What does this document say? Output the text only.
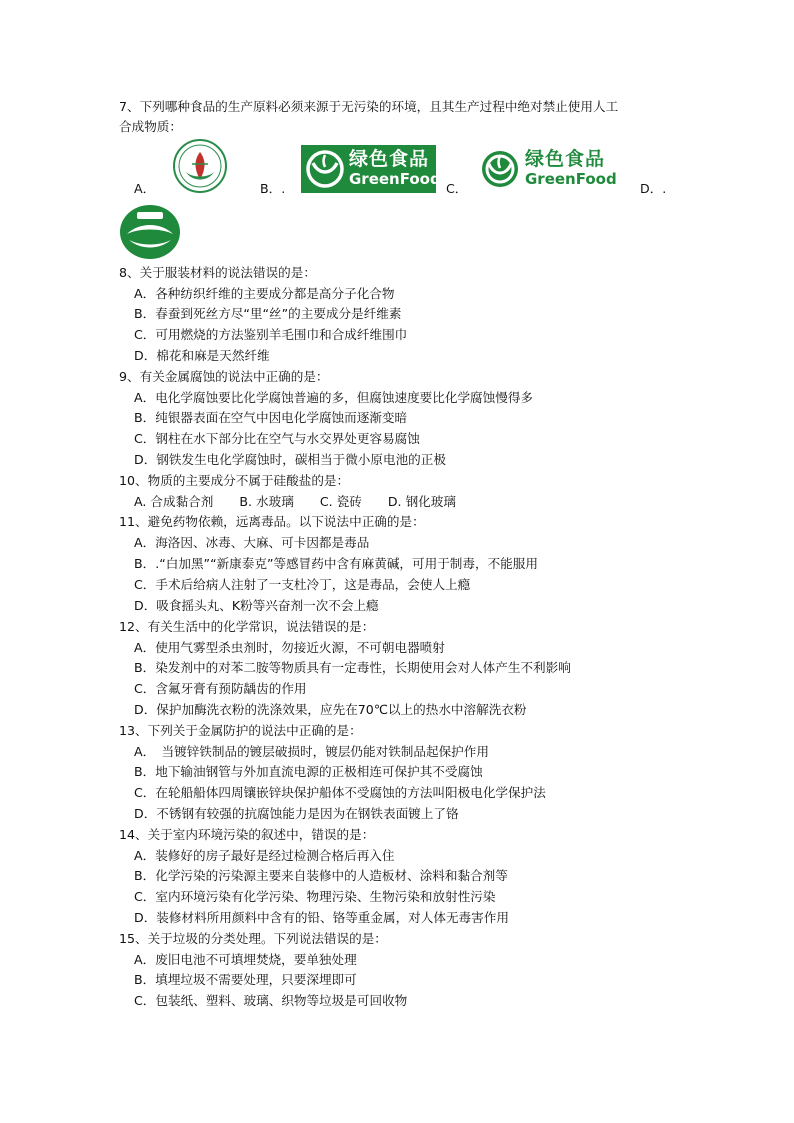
7、下列哪种食品的生产原料必须来源于无污染的环境，且其生产过程中绝对禁止使用人工
合成物质：
A．	B．.
绿色食品
GreenFood
C．
绿色食品
GreenFood
D．.
8、关于服装材料的说法错误的是：
A．各种纺织纤维的主要成分都是高分子化合物
B．春蚕到死丝方尽“里“丝”的主要成分是纤维素
C．可用燃烧的方法鉴别羊毛围巾和合成纤维围巾
D．棉花和麻是天然纤维
9、有关金属腐蚀的说法中正确的是：
A．电化学腐蚀要比化学腐蚀普遍的多，但腐蚀速度要比化学腐蚀慢得多
B．纯银器表面在空气中因电化学腐蚀而逐渐变暗
C．钢柱在水下部分比在空气与水交界处更容易腐蚀
D．钢铁发生电化学腐蚀时，碳相当于微小原电池的正极
10、物质的主要成分不属于硅酸盐的是：
A. 合成黏合剂 B. 水玻璃 C. 瓷砖 D. 钢化玻璃
11、避免药物依赖，远离毒品。以下说法中正确的是：
A．海洛因、冰毒、大麻、可卡因都是毒品
B．.“白加黑”“新康泰克”等感冒药中含有麻黄碱，可用于制毒，不能服用
C．手术后给病人注射了一支杜冷丁，这是毒品，会使人上瘾
D．吸食摇头丸、K粉等兴奋剂一次不会上瘾
12、有关生活中的化学常识，说法错误的是：
A．使用气雾型杀虫剂时，勿接近火源，不可朝电器喷射
B．染发剂中的对苯二胺等物质具有一定毒性，长期使用会对人体产生不利影响
C．含氟牙膏有预防龋齿的作用
D．保护加酶洗衣粉的洗涤效果，应先在70℃以上的热水中溶解洗衣粉
13、下列关于金属防护的说法中正确的是：
A．　当镀锌铁制品的镀层破损时，镀层仍能对铁制品起保护作用
B．地下输油钢管与外加直流电源的正极相连可保护其不受腐蚀
C．在轮船船体四周镶嵌锌块保护船体不受腐蚀的方法叫阳极电化学保护法
D．不锈钢有较强的抗腐蚀能力是因为在钢铁表面镀上了铬
14、关于室内环境污染的叙述中，错误的是：
A．装修好的房子最好是经过检测合格后再入住
B．化学污染的污染源主要来自装修中的人造板材、涂料和黏合剂等
C．室内环境污染有化学污染、物理污染、生物污染和放射性污染
D．装修材料所用颜料中含有的铅、铬等重金属，对人体无毒害作用
15、关于垃圾的分类处理。下列说法错误的是：
A．废旧电池不可填埋焚烧，要单独处理
B．填埋垃圾不需要处理，只要深埋即可
C．包装纸、塑料、玻璃、织物等垃圾是可回收物
